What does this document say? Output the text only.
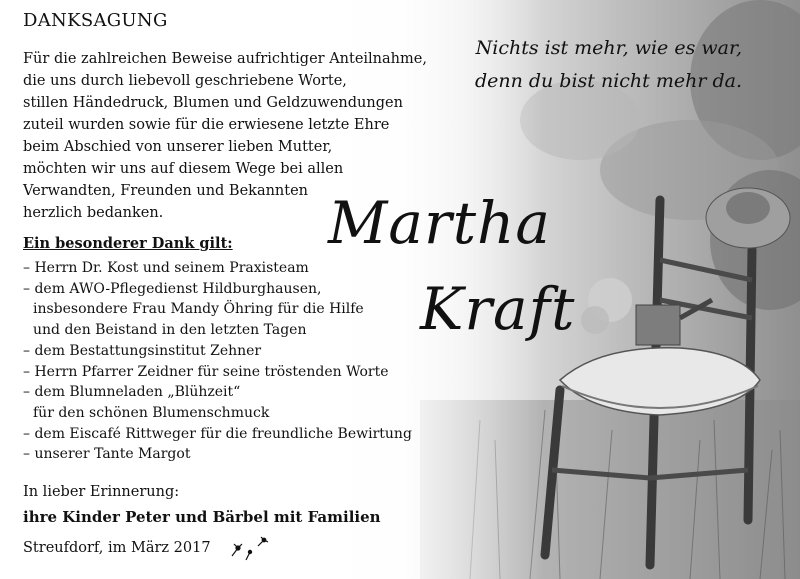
DANKSAGUNG

Für die zahlreichen Beweise aufrichtiger Anteilnahme,
die uns durch liebevoll geschriebene Worte,
stillen Händedruck, Blumen und Geldzuwendungen
zuteil wurden sowie für die erwiesene letzte Ehre
beim Abschied von unserer lieben Mutter,
möchten wir uns auf diesem Wege bei allen
Verwandten, Freunden und Bekannten
herzlich bedanken.

Ein besonderer Dank gilt:

– Herrn Dr. Kost und seinem Praxisteam
– dem AWO-Pflegedienst Hildburghausen,
insbesondere Frau Mandy Öhring für die Hilfe
und den Beistand in den letzten Tagen
– dem Bestattungsinstitut Zehner
– Herrn Pfarrer Zeidner für seine tröstenden Worte
– dem Blumneladen „Blühzeit“
für den schönen Blumenschmuck
– dem Eiscafé Rittweger für die freundliche Bewirtung
– unserer Tante Margot

In lieber Erinnerung:

ihre Kinder Peter und Bärbel mit Familien

Streufdorf, im März 2017

Nichts ist mehr, wie es war,

denn du bist nicht mehr da.

Martha

Kraft
